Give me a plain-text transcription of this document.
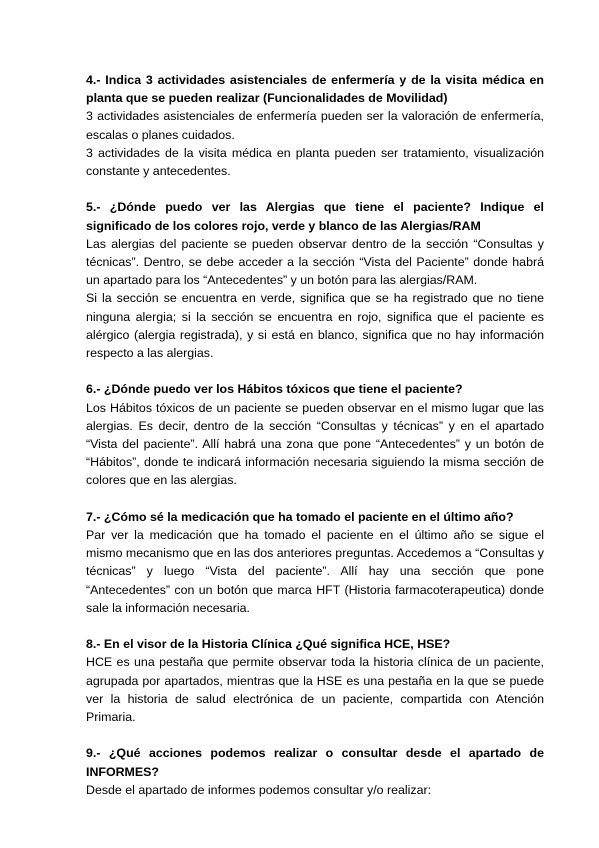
4.- Indica 3 actividades asistenciales de enfermería y de la visita médica en planta que se pueden realizar (Funcionalidades de Movilidad)

3 actividades asistenciales de enfermería pueden ser la valoración de enfermería, escalas o planes cuidados.

3 actividades de la visita médica en planta pueden ser tratamiento, visualización constante y antecedentes.

5.- ¿Dónde puedo ver las Alergias que tiene el paciente? Indique el significado de los colores rojo, verde y blanco de las Alergias/RAM

Las alergias del paciente se pueden observar dentro de la sección “Consultas y técnicas”. Dentro, se debe acceder a la sección “Vista del Paciente” donde habrá un apartado para los “Antecedentes” y un botón para las alergias/RAM.

Si la sección se encuentra en verde, significa que se ha registrado que no tiene ninguna alergia; si la sección se encuentra en rojo, significa que el paciente es alérgico (alergia registrada), y si está en blanco, significa que no hay información respecto a las alergias.

6.- ¿Dónde puedo ver los Hábitos tóxicos que tiene el paciente?

Los Hábitos tóxicos de un paciente se pueden observar en el mismo lugar que las alergias. Es decir, dentro de la sección “Consultas y técnicas” y en el apartado “Vista del paciente”. Allí habrá una zona que pone “Antecedentes” y un botón de “Hábitos”, donde te indicará información necesaria siguiendo la misma sección de colores que en las alergias.

7.- ¿Cómo sé la medicación que ha tomado el paciente en el último año?

Par ver la medicación que ha tomado el paciente en el último año se sigue el mismo mecanismo que en las dos anteriores preguntas. Accedemos a “Consultas y técnicas” y luego “Vista del paciente”. Allí hay una sección que pone “Antecedentes” con un botón que marca HFT (Historia farmacoterapeutica) donde sale la información necesaria.

8.- En el visor de la Historia Clínica ¿Qué significa HCE, HSE?

HCE es una pestaña que permite observar toda la historia clínica de un paciente, agrupada por apartados, mientras que la HSE es una pestaña en la que se puede ver la historia de salud electrónica de un paciente, compartida con Atención Primaria.

9.- ¿Qué acciones podemos realizar o consultar desde el apartado de INFORMES?

Desde el apartado de informes podemos consultar y/o realizar:
